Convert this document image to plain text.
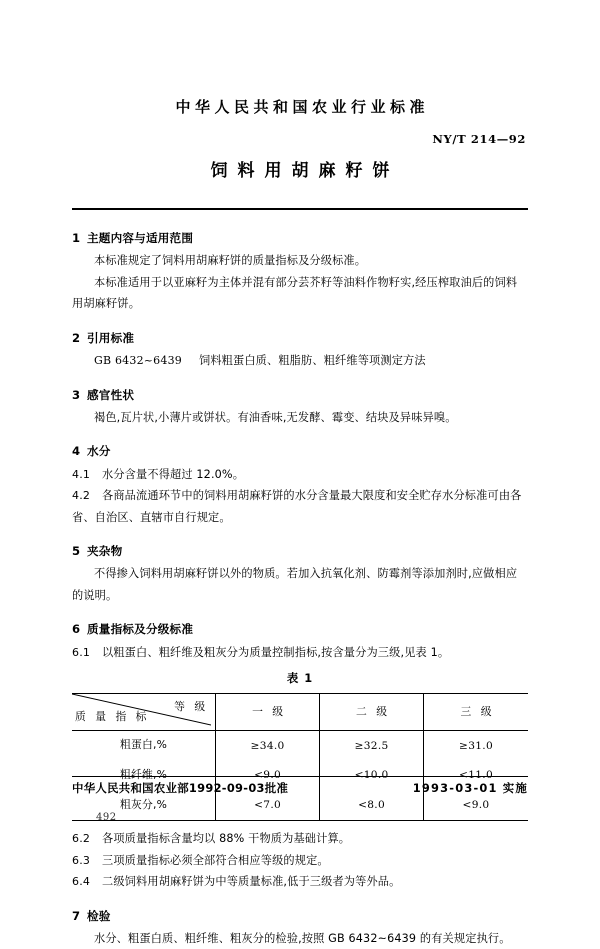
中华人民共和国农业行业标准
NY/T 214—92
饲料用胡麻籽饼
1 主题内容与适用范围

本标准规定了饲料用胡麻籽饼的质量指标及分级标准。

本标准适用于以亚麻籽为主体并混有部分芸芥籽等油料作物籽实,经压榨取油后的饲料用胡麻籽饼。

2 引用标准

GB 6432~6439 饲料粗蛋白质、粗脂肪、粗纤维等项测定方法

3 感官性状

褐色,瓦片状,小薄片或饼状。有油香味,无发酵、霉变、结块及异味异嗅。

4 水分

4.1 水分含量不得超过 12.0%。

4.2 各商品流通环节中的饲料用胡麻籽饼的水分含量最大限度和安全贮存水分标准可由各省、自治区、直辖市自行规定。

5 夹杂物

不得掺入饲料用胡麻籽饼以外的物质。若加入抗氧化剂、防霉剂等添加剂时,应做相应的说明。

6 质量指标及分级标准

6.1 以粗蛋白、粗纤维及粗灰分为质量控制指标,按含量分为三级,见表 1。

表 1
等 级
质 量 指 标	一 级	二 级	三 级
粗蛋白,%	≥34.0	≥32.5	≥31.0
粗纤维,%	<9.0	<10.0	<11.0
粗灰分,%	<7.0	<8.0	<9.0

6.2 各项质量指标含量均以 88% 干物质为基础计算。

6.3 三项质量指标必须全部符合相应等级的规定。

6.4 二级饲料用胡麻籽饼为中等质量标准,低于三级者为等外品。

7 检验

水分、粗蛋白质、粗纤维、粗灰分的检验,按照 GB 6432~6439 的有关规定执行。

中华人民共和国农业部1992-09-03批准	1993-03-01 实施
492
